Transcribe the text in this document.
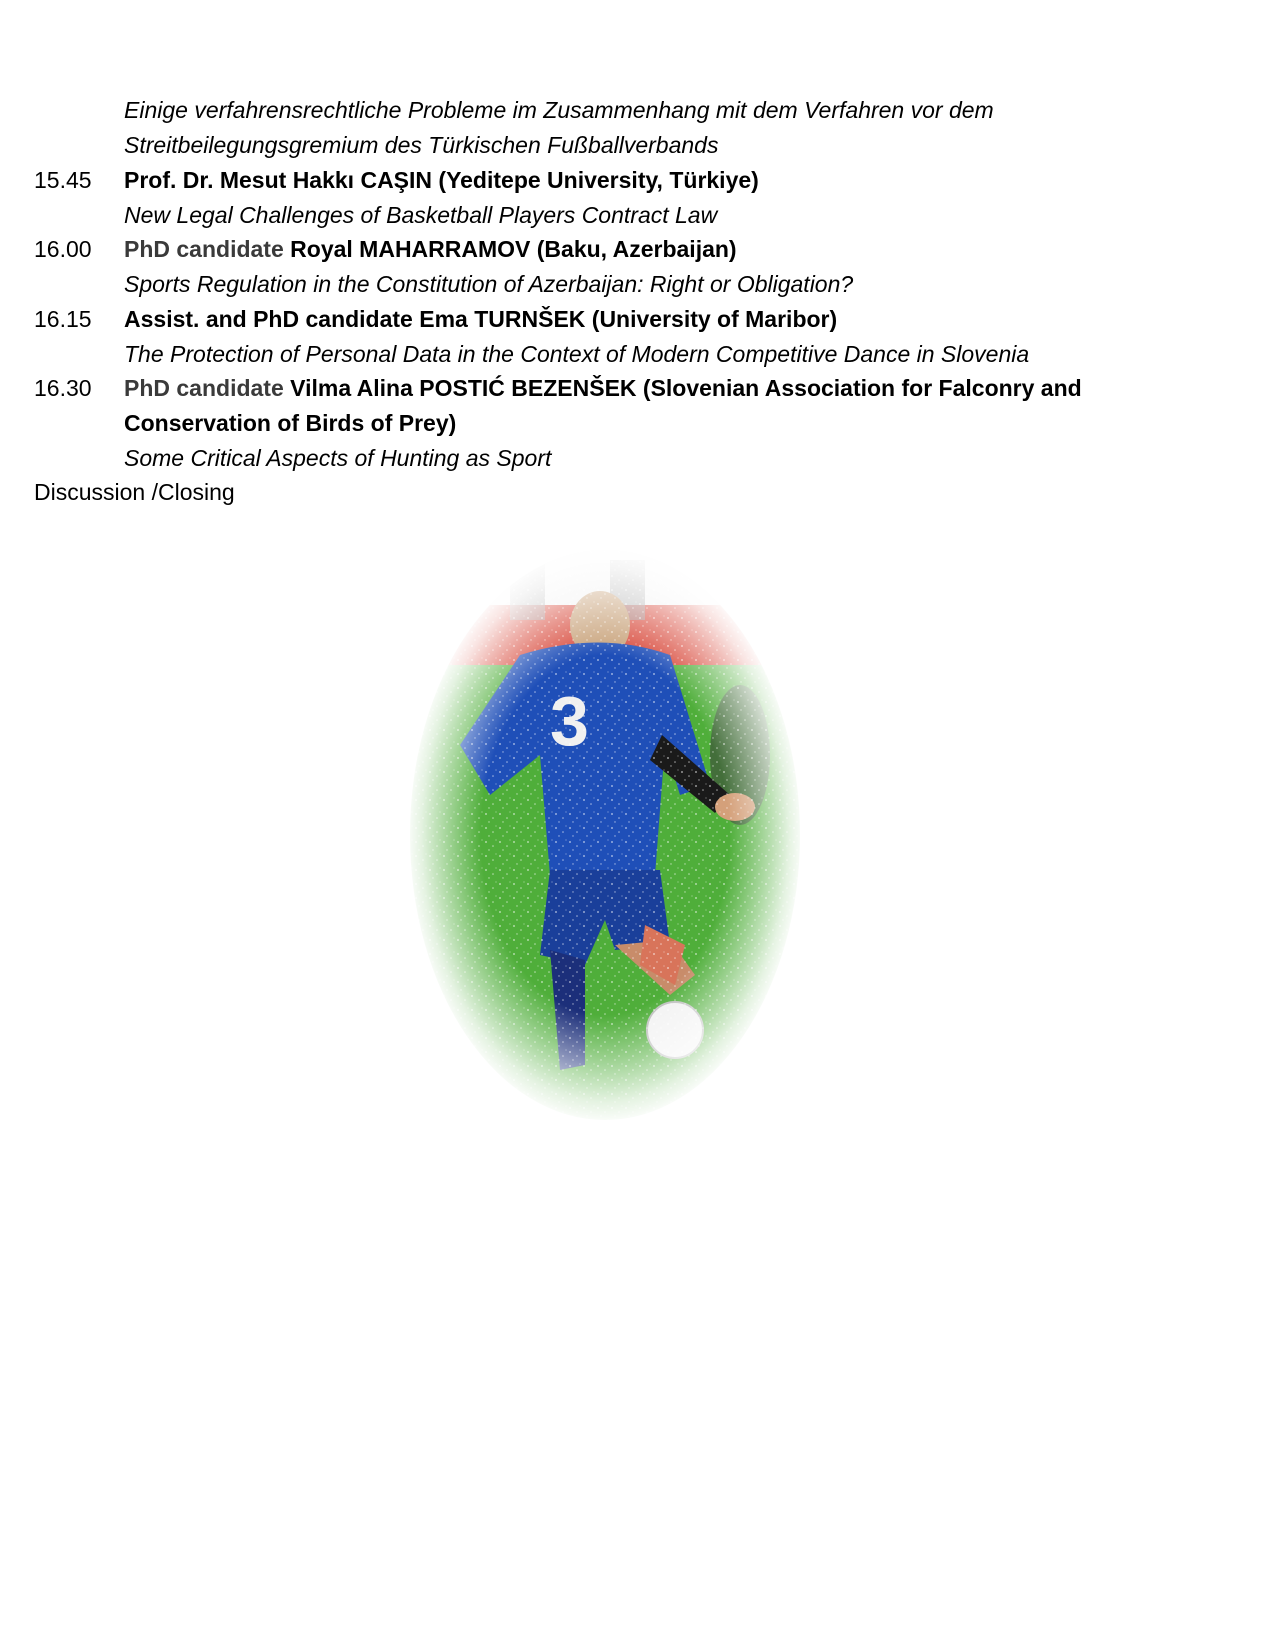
Einige verfahrensrechtliche Probleme im Zusammenhang mit dem Verfahren vor dem
Streitbeilegungsgremium des Türkischen Fußballverbands
15.45 Prof. Dr. Mesut Hakkı CAŞIN (Yeditepe University, Türkiye)
New Legal Challenges of Basketball Players Contract Law
16.00 PhD candidate Royal MAHARRAMOV (Baku, Azerbaijan)
Sports Regulation in the Constitution of Azerbaijan: Right or Obligation?
16.15 Assist. and PhD candidate Ema TURNŠEK (University of Maribor)
The Protection of Personal Data in the Context of Modern Competitive Dance in Slovenia
16.30 PhD candidate Vilma Alina POSTIĆ BEZENŠEK (Slovenian Association for Falconry and
Conservation of Birds of Prey)
Some Critical Aspects of Hunting as Sport
Discussion /Closing
